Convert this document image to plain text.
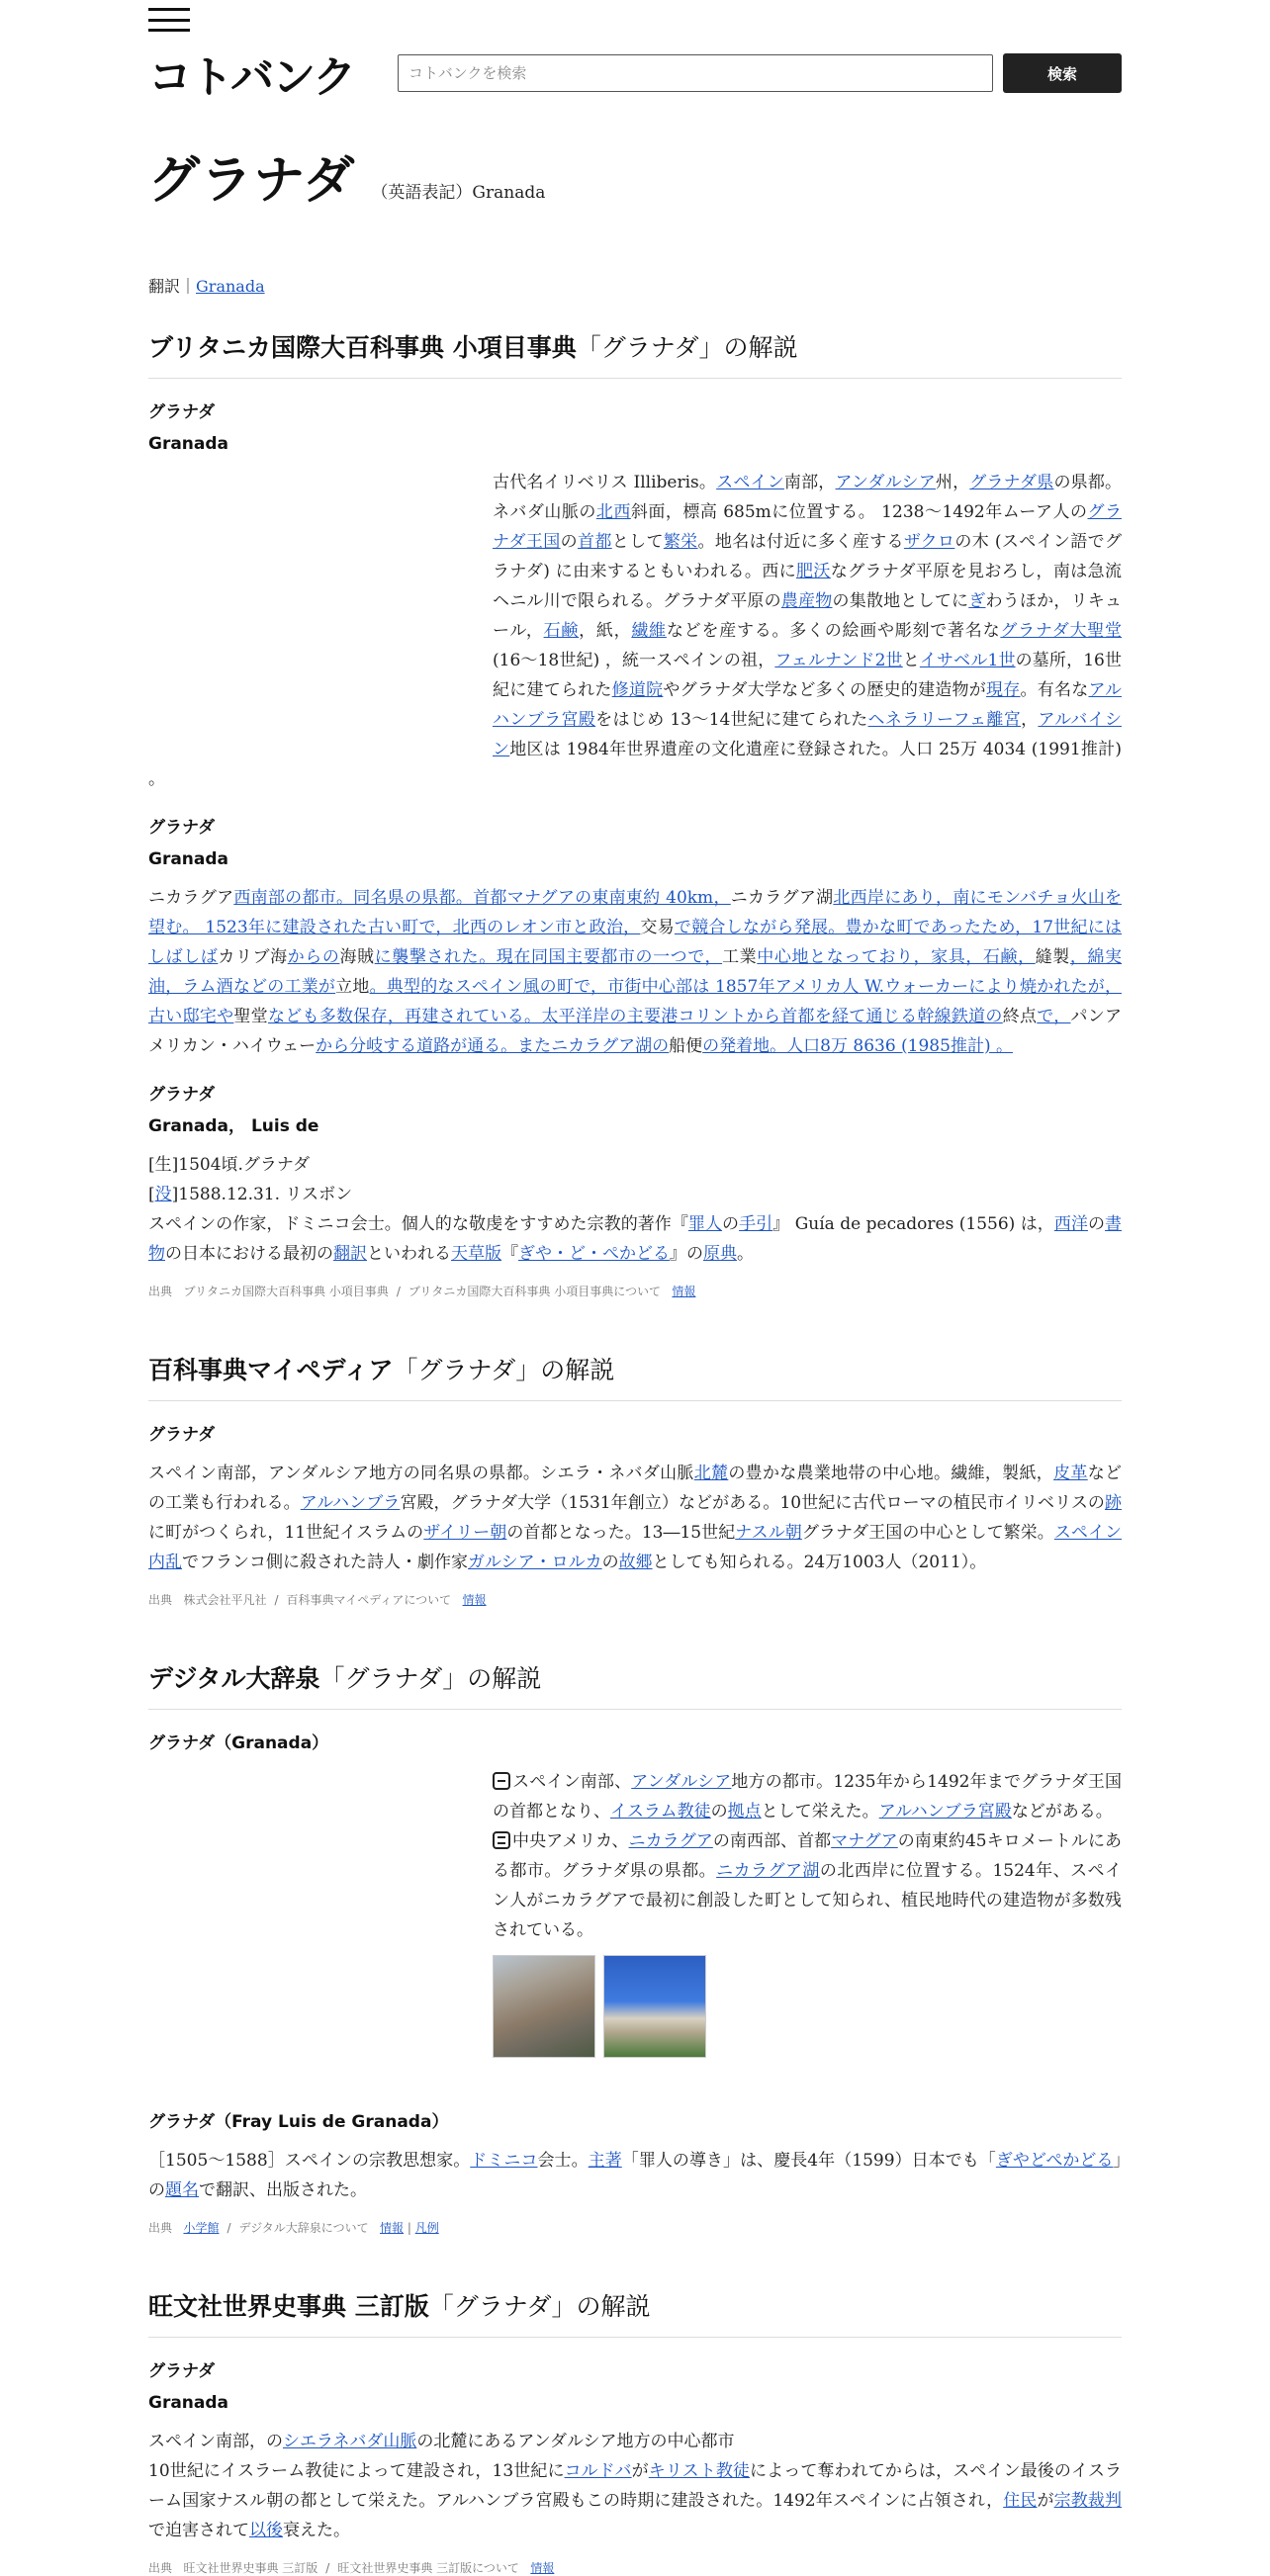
コトバンク
コトバンクを検索	検索
グラナダ （英語表記）Granada
翻訳｜Granada
ブリタニカ国際大百科事典 小項目事典「グラナダ」の解説
グラナダ
Granada
古代名イリベリス Illiberis。スペイン南部，アンダルシア州，グラナダ県の県都。ネバダ山脈の北西斜面，標高 685mに位置する。 1238～1492年ムーア人のグラナダ王国の首都として繁栄。地名は付近に多く産するザクロの木 (スペイン語でグラナダ) に由来するともいわれる。西に肥沃なグラナダ平原を見おろし，南は急流ヘニル川で限られる。グラナダ平原の農産物の集散地としてにぎわうほか，リキュール，石鹸，紙，繊維などを産する。多くの絵画や彫刻で著名なグラナダ大聖堂 (16～18世紀) ，統一スペインの祖，フェルナンド2世とイサベル1世の墓所，16世紀に建てられた修道院やグラナダ大学など多くの歴史的建造物が現存。有名なアルハンブラ宮殿をはじめ 13～14世紀に建てられたヘネラリーフェ離宮，アルバイシン地区は 1984年世界遺産の文化遺産に登録された。人口 25万 4034 (1991推計) 。
グラナダ
Granada
ニカラグア西南部の都市。同名県の県都。首都マナグアの東南東約 40km，ニカラグア湖北西岸にあり，南にモンバチョ火山を望む。 1523年に建設された古い町で，北西のレオン市と政治，交易で競合しながら発展。豊かな町であったため，17世紀にはしばしばカリブ海からの海賊に襲撃された。現在同国主要都市の一つで，工業中心地となっており，家具，石鹸，縫製，綿実油，ラム酒などの工業が立地。典型的なスペイン風の町で，市街中心部は 1857年アメリカ人 W.ウォーカーにより焼かれたが，古い邸宅や聖堂なども多数保存，再建されている。太平洋岸の主要港コリントから首都を経て通じる幹線鉄道の終点で，パンアメリカン・ハイウェーから分岐する道路が通る。またニカラグア湖の船便の発着地。人口8万 8636 (1985推計) 。
グラナダ
Granada， Luis de
[生]1504頃.グラナダ
[没]1588.12.31. リスボン
スペインの作家，ドミニコ会士。個人的な敬虔をすすめた宗教的著作『罪人の手引』 Guía de pecadores (1556) は，西洋の書物の日本における最初の翻訳といわれる天草版『ぎや・ど・ぺかどる』の原典。
出典 ブリタニカ国際大百科事典 小項目事典 / ブリタニカ国際大百科事典 小項目事典について 情報
百科事典マイペディア「グラナダ」の解説
グラナダ
スペイン南部，アンダルシア地方の同名県の県都。シエラ・ネバダ山脈北麓の豊かな農業地帯の中心地。繊維，製紙，皮革などの工業も行われる。アルハンブラ宮殿，グラナダ大学（1531年創立）などがある。10世紀に古代ローマの植民市イリベリスの跡に町がつくられ，11世紀イスラムのザイリー朝の首都となった。13―15世紀ナスル朝グラナダ王国の中心として繁栄。スペイン内乱でフランコ側に殺された詩人・劇作家ガルシア・ロルカの故郷としても知られる。24万1003人（2011）。
出典 株式会社平凡社 / 百科事典マイペディアについて 情報
デジタル大辞泉「グラナダ」の解説
グラナダ（Granada）
スペイン南部、アンダルシア地方の都市。1235年から1492年までグラナダ王国の首都となり、イスラム教徒の拠点として栄えた。アルハンブラ宮殿などがある。
中央アメリカ、ニカラグアの南西部、首都マナグアの南東約45キロメートルにある都市。グラナダ県の県都。ニカラグア湖の北西岸に位置する。1524年、スペイン人がニカラグアで最初に創設した町として知られ、植民地時代の建造物が多数残されている。
グラナダ（Fray Luis de Granada）
［1505〜1588］スペインの宗教思想家。ドミニコ会士。主著「罪人の導き」は、慶長4年（1599）日本でも「ぎやどぺかどる」の題名で翻訳、出版された。
出典 小学館 / デジタル大辞泉について 情報 | 凡例
旺文社世界史事典 三訂版「グラナダ」の解説
グラナダ
Granada
スペイン南部，のシエラネバダ山脈の北麓にあるアンダルシア地方の中心都市
10世紀にイスラーム教徒によって建設され，13世紀にコルドバがキリスト教徒によって奪われてからは，スペイン最後のイスラーム国家ナスル朝の都として栄えた。アルハンブラ宮殿もこの時期に建設された。1492年スペインに占領され，住民が宗教裁判で迫害されて以後衰えた。
出典 旺文社世界史事典 三訂版 / 旺文社世界史事典 三訂版について 情報
